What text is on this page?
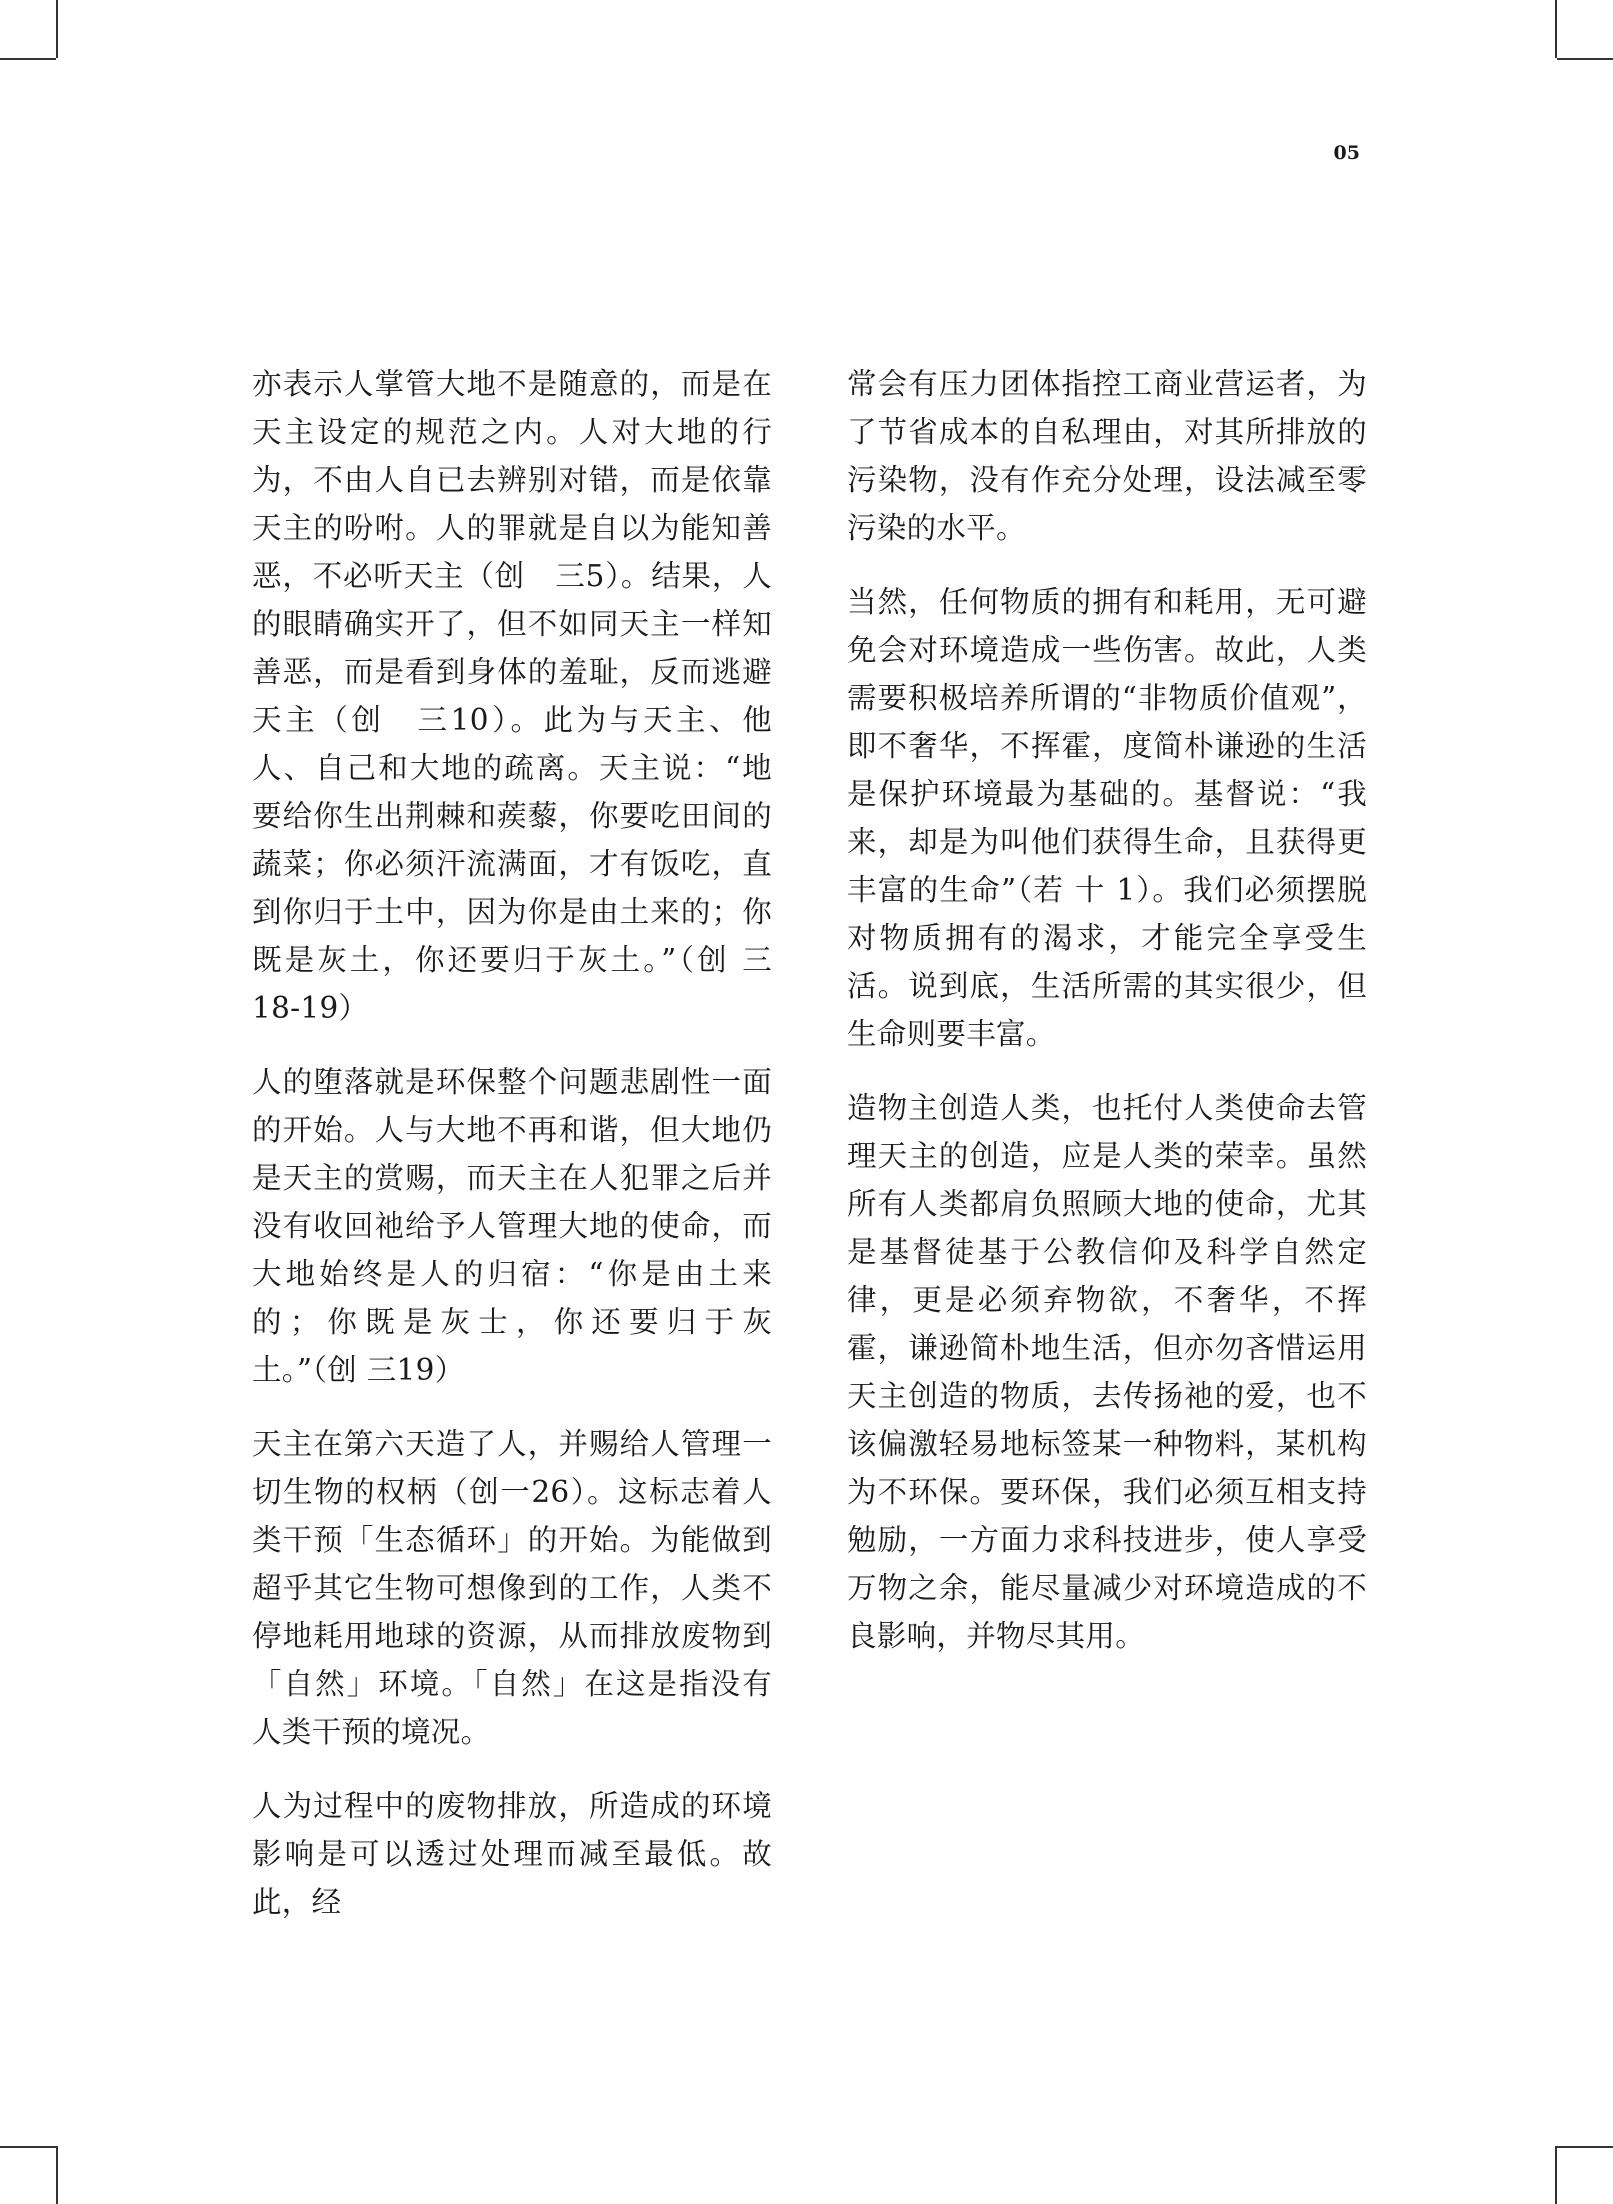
05

亦表示人掌管大地不是随意的，而是在天主设定的规范之内。人对大地的行为，不由人自已去辨别对错，而是依靠天主的吩咐。人的罪就是自以为能知善恶，不必听天主（创　三5）。结果，人的眼睛确实开了，但不如同天主一样知善恶，而是看到身体的羞耻，反而逃避天主（创　三10）。此为与天主、他人、自己和大地的疏离。天主说：“地要给你生出荆棘和蒺藜，你要吃田间的蔬菜；你必须汗流满面，才有饭吃，直到你归于土中，因为你是由土来的；你既是灰土，你还要归于灰土。”（创 三18-19）

人的堕落就是环保整个问题悲剧性一面的开始。人与大地不再和谐，但大地仍是天主的赏赐，而天主在人犯罪之后并没有收回祂给予人管理大地的使命，而大地始终是人的归宿：“你是由土来的；你既是灰士，你还要归于灰土。”（创 三19）

天主在第六天造了人，并赐给人管理一切生物的权柄（创一26）。这标志着人类干预「生态循环」的开始。为能做到超乎其它生物可想像到的工作，人类不停地耗用地球的资源，从而排放废物到「自然」环境。「自然」在这是指没有人类干预的境况。

人为过程中的废物排放，所造成的环境影响是可以透过处理而减至最低。故此，经

常会有压力团体指控工商业营运者，为了节省成本的自私理由，对其所排放的污染物，没有作充分处理，设法减至零污染的水平。

当然，任何物质的拥有和耗用，无可避免会对环境造成一些伤害。故此，人类需要积极培养所谓的“非物质价值观”，即不奢华，不挥霍，度简朴谦逊的生活是保护环境最为基础的。基督说：“我来，却是为叫他们获得生命，且获得更丰富的生命”（若 十 1）。我们必须摆脱对物质拥有的渴求，才能完全享受生活。说到底，生活所需的其实很少，但生命则要丰富。

造物主创造人类，也托付人类使命去管理天主的创造，应是人类的荣幸。虽然所有人类都肩负照顾大地的使命，尤其是基督徒基于公教信仰及科学自然定律，更是必须弃物欲，不奢华，不挥霍，谦逊简朴地生活，但亦勿吝惜运用天主创造的物质，去传扬祂的爱，也不该偏激轻易地标签某一种物料，某机构为不环保。要环保，我们必须互相支持勉励，一方面力求科技进步，使人享受万物之余，能尽量减少对环境造成的不良影响，并物尽其用。
